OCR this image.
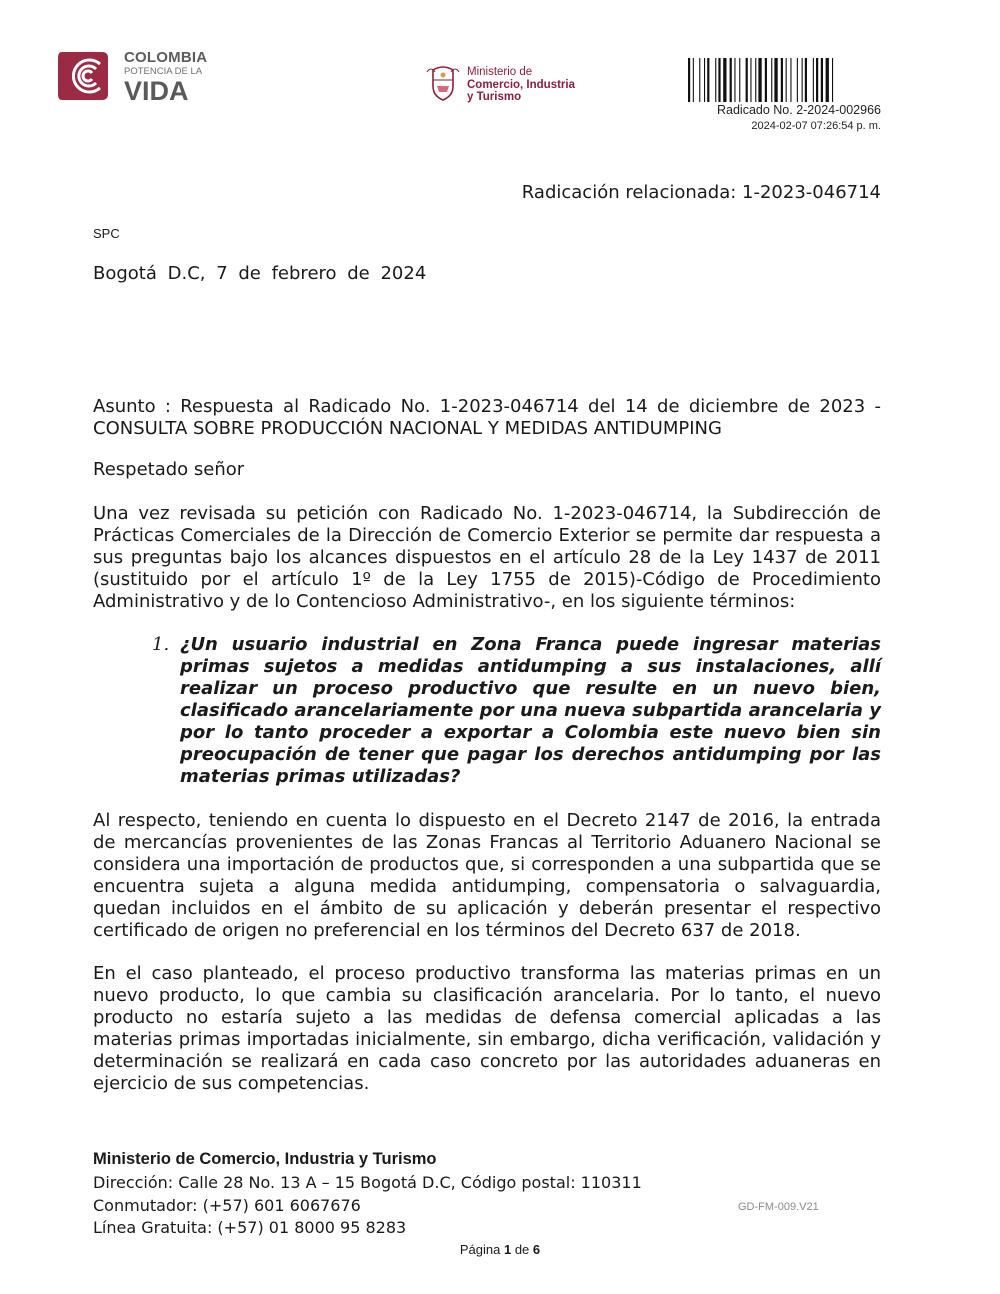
COLOMBIA
POTENCIA DE LA
VIDA
Ministerio de
Comercio, Industria
y Turismo
Radicado No. 2-2024-002966
2024-02-07 07:26:54 p. m.
Radicación relacionada: 1-2023-046714
SPC
Bogotá D.C, 7 de febrero de 2024
Asunto : Respuesta al Radicado No. 1-2023-046714 del 14 de diciembre de 2023 - CONSULTA SOBRE PRODUCCIÓN NACIONAL Y MEDIDAS ANTIDUMPING
Respetado señor
Una vez revisada su petición con Radicado No. 1-2023-046714, la Subdirección de Prácticas Comerciales de la Dirección de Comercio Exterior se permite dar respuesta a sus preguntas bajo los alcances dispuestos en el artículo 28 de la Ley 1437 de 2011 (sustituido por el artículo 1º de la Ley 1755 de 2015)-Código de Procedimiento Administrativo y de lo Contencioso Administrativo-, en los siguiente términos:
1. ¿Un usuario industrial en Zona Franca puede ingresar materias primas sujetos a medidas antidumping a sus instalaciones, allí realizar un proceso productivo que resulte en un nuevo bien, clasificado arancelariamente por una nueva subpartida arancelaria y por lo tanto proceder a exportar a Colombia este nuevo bien sin preocupación de tener que pagar los derechos antidumping por las materias primas utilizadas?
Al respecto, teniendo en cuenta lo dispuesto en el Decreto 2147 de 2016, la entrada de mercancías provenientes de las Zonas Francas al Territorio Aduanero Nacional se considera una importación de productos que, si corresponden a una subpartida que se encuentra sujeta a alguna medida antidumping, compensatoria o salvaguardia, quedan incluidos en el ámbito de su aplicación y deberán presentar el respectivo certificado de origen no preferencial en los términos del Decreto 637 de 2018.
En el caso planteado, el proceso productivo transforma las materias primas en un nuevo producto, lo que cambia su clasificación arancelaria. Por lo tanto, el nuevo producto no estaría sujeto a las medidas de defensa comercial aplicadas a las materias primas importadas inicialmente, sin embargo, dicha verificación, validación y determinación se realizará en cada caso concreto por las autoridades aduaneras en ejercicio de sus competencias.
Ministerio de Comercio, Industria y Turismo
Dirección: Calle 28 No. 13 A – 15 Bogotá D.C, Código postal: 110311
Conmutador: (+57) 601 6067676
Línea Gratuita: (+57) 01 8000 95 8283
GD-FM-009.V21
Página 1 de 6
